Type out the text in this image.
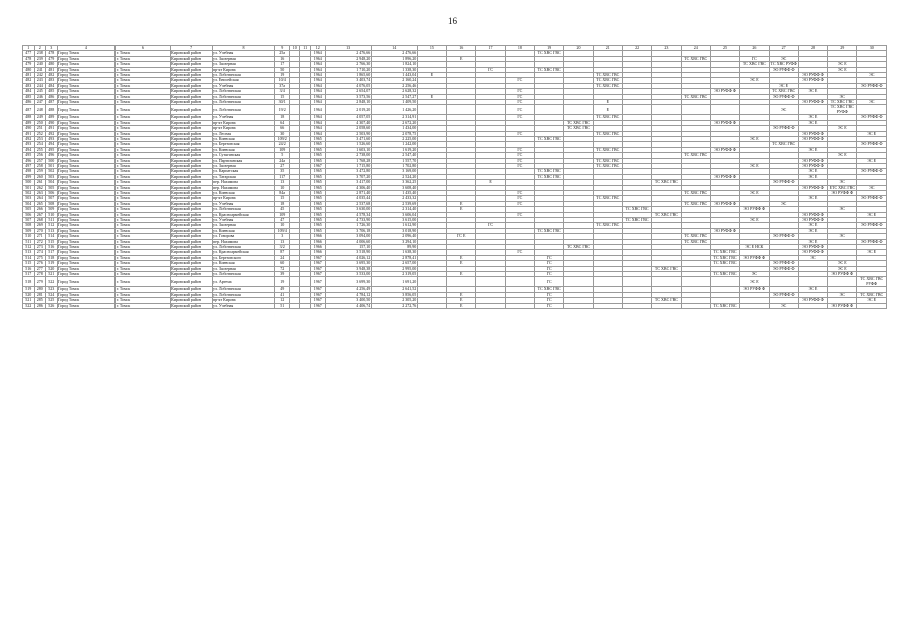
16
1	2	3	4		6	7	8	9	10	11	12	13	14	15	16	17	18	19	20	21	22	23	24	25	26	27	28	29	30
477	238	478	Город Томск		г. Томск	Кировский район	ул. Учебная	25а			1964	2 476,66	2 476,66					ТС ХВС ГВС											
478	239	479	Город Томск		г. Томск	Кировский район	ул. Заозерная	16			1964	2 948,20	1 896,20		Е								ТС ХВС ГВС		ГС	ЭС			
479	240	480	Город Томск		г. Томск	Кировский район	ул. Заозерная	17			1964	2 766,30	1 824,10												ТС ХВС ГВС	ТС ХВС РУФФ		ЭС Е	
480	241	481	Город Томск		г. Томск	Кировский район	пр-кт Кирова	50			1964	1 710,20	1 338,30			ГС		ТС ХВС ГВС								ЭО РУФФ Ф		ЭС Е	
481	242	482	Город Томск		г. Томск	Кировский район	ул. Лоботинская	19			1964	1 865,60	1 443,04	Е						ТС ХВС ГВС							ЭО РУФФ Ф		ЭС
482	243	483	Город Томск		г. Томск	Кировский район	ул. Енисейская	10/4			1964	3 403,74	2 160,24				ГС			ТС ХВС ГВС					ЭС Е		ЭО РУФФ Ф		
483	244	484	Город Томск		г. Томск	Кировский район	ул. Учебная	37а			1964	4 076,05	2 256,46							ТС ХВС ГВС						ЭС Е			ЭО РУФФ Ф
484	245	485	Город Томск		г. Томск	Кировский район	ул. Лоботинская	3/4			1964	2 654,07	2 628,32				ГС							ЭО РУФФ Ф		ТС ХВС ГВС	ЭС Е		
485	246	486	Город Томск		г. Томск	Кировский район	ул. Лоботинская	15			1964	3 573,56	2 547,27	Е			ГС						ТС ХВС ГВС			ЭО РУФФ Ф		ЭС	
486	247	487	Город Томск		г. Томск	Кировский район	ул. Лоботинская	30/1			1964	2 848,10	1 409,50				ГС			Е							ЭО РУФФ Ф	ТС ХВС ГВС	ЭС
487	248	488	Город Томск		г. Томск	Кировский район	ул. Лоботинская	19/2			1964	2 019,20	1 426,20				ГС			Е						ЭС		ТС ХВС ГВС РУФФ	
488	249	489	Город Томск		г. Томск	Кировский район	ул. Учебная	18			1964	4 057,05	2 314,91				ГС			ТС ХВС ГВС							ЭС Е		ЭО РУФФ Ф
489	250	490	Город Томск		г. Томск	Кировский район	пр-кт Кирова	64			1964	4 307,40	2 672,20						ТС ХВС ГВС					ЭО РУФФ Ф			ЭС Е		
490	251	491	Город Томск		г. Томск	Кировский район	пр-кт Кирова	66			1964	2 058,60	1 434,00						ТС ХВС ГВС							ЭО РУФФ Ф		ЭС Е	
491	252	492	Город Томск		г. Томск	Кировский район	ул. Лесная	30			1964	2 503,90	2 078,75				ГС			ТС ХВС ГВС							ЭО РУФФ Ф		ЭС Е
492	253	493	Город Томск		г. Томск	Кировский район	ул. Киевская	109/2			1965	3 471,60	2 225,00					ТС ХВС ГВС							ЭС Е		ЭО РУФФ Ф		
493	254	494	Город Томск		г. Томск	Кировский район	ул. Березовская	24/2			1965	1 526,60	1 242,00													ТС ХВС ГВС			ЭО РУФФ Ф
494	255	495	Город Томск		г. Томск	Кировский район	ул. Киевская	109			1965	1 603,10	1 619,20				ГС			ТС ХВС ГВС				ЭО РУФФ Ф			ЭС Е		
495	256	496	Город Томск		г. Томск	Кировский район	ул. Сутягинская	5			1965	2 738,00	2 547,40				ГС						ТС ХВС ГВС					ЭС Е	
496	257	500	Город Томск		г. Томск	Кировский район	ул. Партизанская	24а			1965	1 768,28	1 557,70				ГС			ТС ХВС ГВС							ЭО РУФФ Ф		ЭС Е
497	258	501	Город Томск		г. Томск	Кировский район	ул. Заозерная	27			1967	1 715,80	1 702,80				ГС			ТС ХВС ГВС					ЭС Е		ЭО РУФФ Ф		
498	259	502	Город Томск		г. Томск	Кировский район	ул. Карпатская	35			1965	3 472,80	3 169,00					ТС ХВС ГВС									ЭС Е		ЭО РУФФ Ф
499	260	503	Город Томск		г. Томск	Кировский район	ул. Татарская	117			1965	3 707,20	2 524,20					ТС ХВС ГВС						ЭО РУФФ Ф			ЭС Е		
500	261	504	Город Томск		г. Томск	Кировский район	пер. Нахимова	13			1965	3 417,00	3 362,25			Е						ТС ХВС ГВС				ЭО РУФФ Ф		ЭС	
501	262	505	Город Томск		г. Томск	Кировский район	пер. Нахимова	10			1965	4 306,40	3 608,40														ЭО РУФФ Ф	ЕТС ХВС ГВС	ЭС
502	263	506	Город Томск		г. Томск	Кировский район	ул. Киевская	84а			1965	2 871,40	1 435,40				ГС						ТС ХВС ГВС		ЭС Е			ЭО РУФФ Ф	
503	264	507	Город Томск		г. Томск	Кировский район	пр-кт Кирова	15			1965	4 035,44	2 433,32				ГС			ТС ХВС ГВС							ЭС Е		ЭО РУФФ Ф
504	265	508	Город Томск		г. Томск	Кировский район	ул. Учебная	18			1965	2 537,68	2 539,69		Е		ГС						ТС ХВС ГВС	ЭО РУФФ Ф		ЭС			
505	266	509	Город Томск		г. Томск	Кировский район	ул. Лоботинская	45			1965	3 630,00	2 314,40		Е						ТС ХВС ГВС				ЭО РУФФ Ф			ЭС	
506	267	510	Город Томск		г. Томск	Кировский район	ул. Красноармейская	109			1965	4 578,34	3 606,04				ГС					ТС ХВС ГВС					ЭО РУФФ Ф		ЭС Е
507	268	511	Город Томск		г. Томск	Кировский район	ул. Учебная	47			1965	4 733,90	3 615,00								ТС ХВС ГВС				ЭС Е		ЭО РУФФ Ф		
508	269	512	Город Томск		г. Томск	Кировский район	ул. Заозерная	10			1965	1 726,30	1 612,90			ГС				ТС ХВС ГВС							ЭС Е		ЭО РУФФ Ф
509	270	513	Город Томск		г. Томск	Кировский район	ул. Киевская	109/4			1965	3 706,18	3 018,90					ТС ХВС ГВС						ЭО РУФФ Ф			ЭС Е		
510	271	514	Город Томск		г. Томск	Кировский район	ул. Говорова	3			1966	3 094,00	2 096,40		ГС Е								ТС ХВС ГВС			ЭО РУФФ Ф		ЭС	
511	272	515	Город Томск		г. Томск	Кировский район	пер. Нахимова	13			1966	4 006,60	3 294,10										ТС ХВС ГВС				ЭС Е		ЭО РУФФ Ф
512	273	516	Город Томск		г. Томск	Кировский район	ул. Лоботинская	3/2			1966	157,10	89,90						ТС ХВС ГВС						ЭС Е НСК		ЭО РУФФ Ф		
513	274	517	Город Томск		г. Томск	Кировский район	ул. Красноармейская	87			1966	3 518,90	1 638,30				ГС							ТС ХВС ГВС			ЭО РУФФ Ф		ЭС Е
514	275	518	Город Томск		г. Томск	Кировский район	ул. Березовского	24			1967	4 026,12	2 878,41		Е			ГС						ТС ХВС ГВС	ЭО РУФФ Ф		ЭС		
515	276	519	Город Томск		г. Томск	Кировский район	ул. Киевская	60			1967	3 695,30	2 657,00		Е			ГС						ТС ХВС ГВС		ЭО РУФФ Ф		ЭС Е	
516	277	520	Город Томск		г. Томск	Кировский район	ул. Заозерная	72			1967	3 948,38	2 995,00					ГС				ТС ХВС ГВС				ЭО РУФФ Ф		ЭС Е	
517	278	521	Город Томск		г. Томск	Кировский район	ул. Лоботинская	39			1967	3 533,00	2 319,05		Е			ГС						ТС ХВС ГВС	ЭС			ЭО РУФФ Ф	
518	279	522	Город Томск		г. Томск	Кировский район	ул. Артема	19			1967	3 699,30	1 691,20					ГС							ЭС Е				ТС ХВС ГВС РУФФ
519	280	523	Город Томск		г. Томск	Кировский район	ул. Лоботинская	49			1967	4 256,49	2 641,52					ТС ХВС ГВС							ЭО РУФФ Ф		ЭС Е		
520	281	524	Город Томск		г. Томск	Кировский район	ул. Лоботинская	41			1967	4 784,12	3 856,05		Е			ГС								ЭО РУФФ Ф		ЭС	ТС ХВС ГВС
521	285	525	Город Томск		г. Томск	Кировский район	пр-кт Кирова	12			1967	3 400,50	2 305,20		Е			ГС				ТС ХВС ГВС					ЭО РУФФ Ф		ЭС Е
522	286	526	Город Томск		г. Томск	Кировский район	ул. Учебная	51			1967	4 406,74	2 272,76		Е			ГС						ТС ХВС ГВС		ЭС		ЭО РУФФ Ф	
